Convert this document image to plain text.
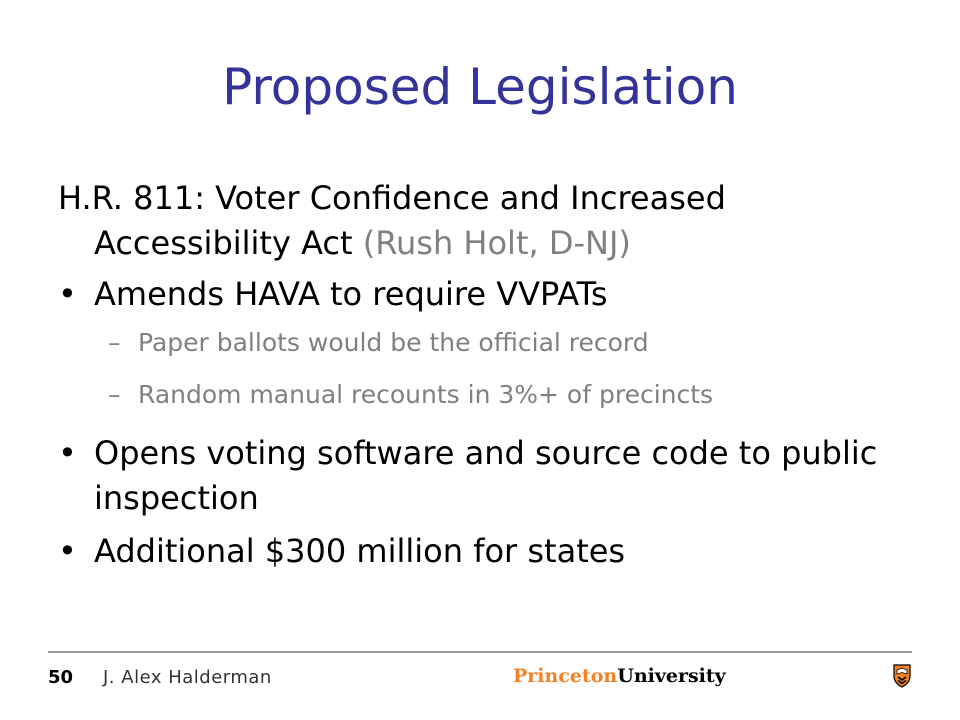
Proposed Legislation

H.R. 811: Voter Confidence and Increased Accessibility Act (Rush Holt, D-NJ)

• Amends HAVA to require VVPATs
– Paper ballots would be the official record
– Random manual recounts in 3%+ of precincts
• Opens voting software and source code to public inspection
• Additional $300 million for states
50 J. Alex Halderman	PrincetonUniversity
